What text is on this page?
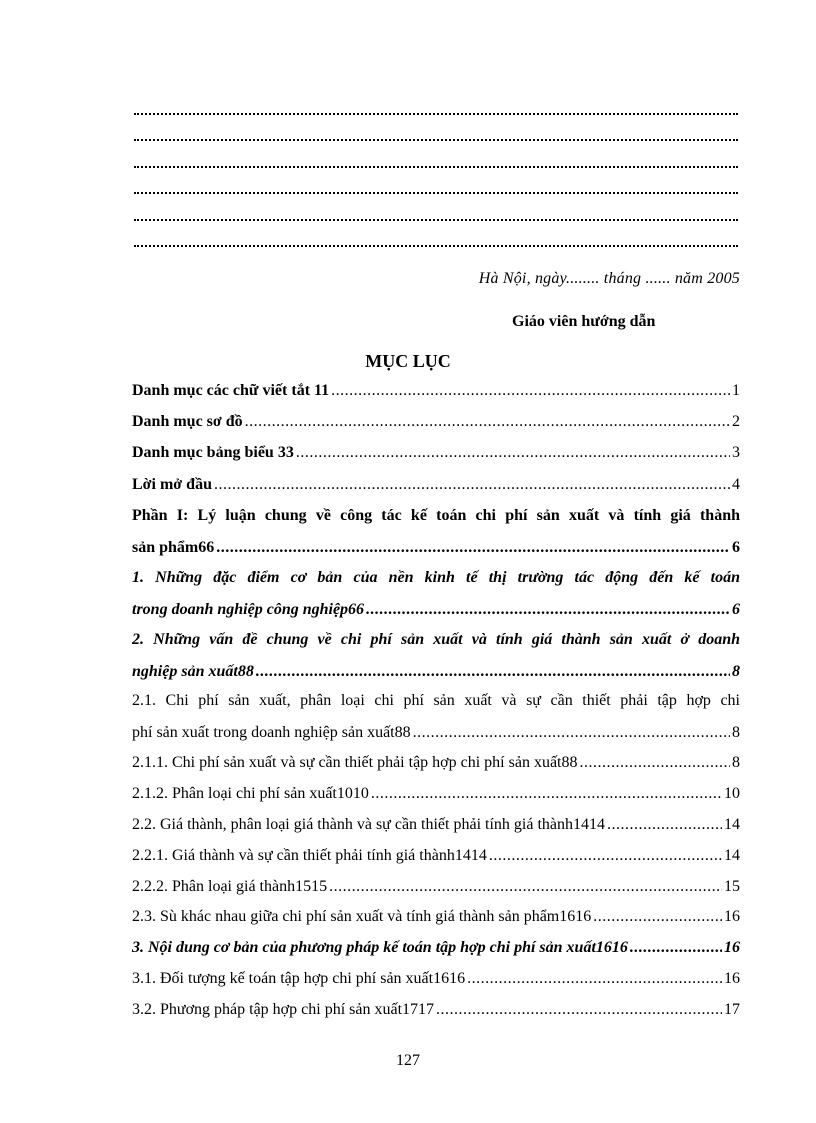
Hà Nội, ngày........ tháng ...... năm 2005
Giáo viên hướng dẫn
MỤC LỤC
Danh mục các chữ viết tắt 11 .....	1
Danh mục sơ đồ .....	2
Danh mục bảng biểu 33 .....	3
Lời mở đầu .....	4
Phần I: Lý luận chung về công tác kế toán chi phí sản xuất và tính giá thành
sản phẩm66 .....	6
1. Những đặc điểm cơ bản của nền kinh tế thị trường tác động đến kế toán
trong doanh nghiệp công nghiệp66 .....	6
2. Những vấn đề chung về chi phí sản xuất và tính giá thành sản xuất ở doanh
nghiệp sản xuất88 .....	8
2.1. Chi phí sản xuất, phân loại chi phí sản xuất và sự cần thiết phải tập hợp chi
phí sản xuất trong doanh nghiệp sản xuất88 .....	8
2.1.1. Chi phí sản xuất và sự cần thiết phải tập hợp chi phí sản xuất88 .....	8
2.1.2. Phân loại chi phí sản xuất1010 .....	10
2.2. Giá thành, phân loại giá thành và sự cần thiết phải tính giá thành1414 .....	14
2.2.1. Giá thành và sự cần thiết phải tính giá thành1414 .....	14
2.2.2. Phân loại giá thành1515 .....	15
2.3. Sù khác nhau giữa chi phí sản xuất và tính giá thành sản phẩm1616 .....	16
3. Nội dung cơ bản của phương pháp kế toán tập hợp chi phí sản xuất1616 .....	16
3.1. Đối tượng kế toán tập hợp chi phí sản xuất1616 .....	16
3.2. Phương pháp tập hợp chi phí sản xuất1717 .....	17
127
